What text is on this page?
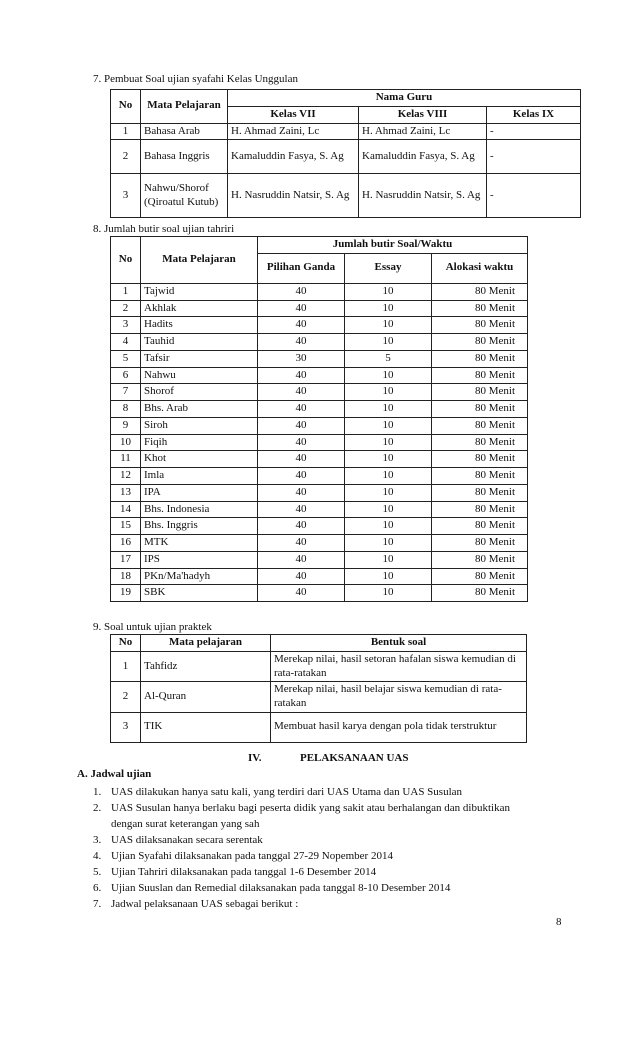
7. Pembuat Soal ujian syafahi Kelas Unggulan
No	Mata Pelajaran	Nama Guru		
		Kelas VII	Kelas VIII	Kelas IX
1	Bahasa Arab	H. Ahmad Zaini, Lc	H. Ahmad Zaini, Lc	-
2	Bahasa Inggris	Kamaluddin Fasya, S. Ag	Kamaluddin Fasya, S. Ag	-
3	Nahwu/Shorof (Qiroatul Kutub)	H. Nasruddin Natsir, S. Ag	H. Nasruddin Natsir, S. Ag	-
8. Jumlah butir soal ujian tahriri
No	Mata Pelajaran	Jumlah butir Soal/Waktu		
		Pilihan Ganda	Essay	Alokasi waktu
1	Tajwid	40	10	80 Menit
2	Akhlak	40	10	80 Menit
3	Hadits	40	10	80 Menit
4	Tauhid	40	10	80 Menit
5	Tafsir	30	5	80 Menit
6	Nahwu	40	10	80 Menit
7	Shorof	40	10	80 Menit
8	Bhs. Arab	40	10	80 Menit
9	Siroh	40	10	80 Menit
10	Fiqih	40	10	80 Menit
11	Khot	40	10	80 Menit
12	Imla	40	10	80 Menit
13	IPA	40	10	80 Menit
14	Bhs. Indonesia	40	10	80 Menit
15	Bhs. Inggris	40	10	80 Menit
16	MTK	40	10	80 Menit
17	IPS	40	10	80 Menit
18	PKn/Ma'hadyh	40	10	80 Menit
19	SBK	40	10	80 Menit
9. Soal untuk ujian praktek
No	Mata pelajaran	Bentuk soal
1	Tahfidz	Merekap nilai, hasil setoran hafalan siswa kemudian di rata-ratakan
2	Al-Quran	Merekap nilai, hasil belajar siswa kemudian di rata-ratakan
3	TIK	Membuat hasil karya dengan pola tidak terstruktur
IV.	PELAKSANAAN UAS
A. Jadwal ujian
1. UAS dilakukan hanya satu kali, yang terdiri dari UAS Utama dan UAS Susulan
2. UAS Susulan hanya berlaku bagi peserta didik yang sakit atau berhalangan dan dibuktikan dengan surat keterangan yang sah
3. UAS dilaksanakan secara serentak
4. Ujian Syafahi dilaksanakan pada tanggal 27-29 Nopember 2014
5. Ujian Tahriri dilaksanakan pada tanggal 1-6 Desember 2014
6. Ujian Suuslan dan Remedial dilaksanakan pada tanggal 8-10 Desember 2014
7. Jadwal pelaksanaan UAS sebagai berikut :
8
